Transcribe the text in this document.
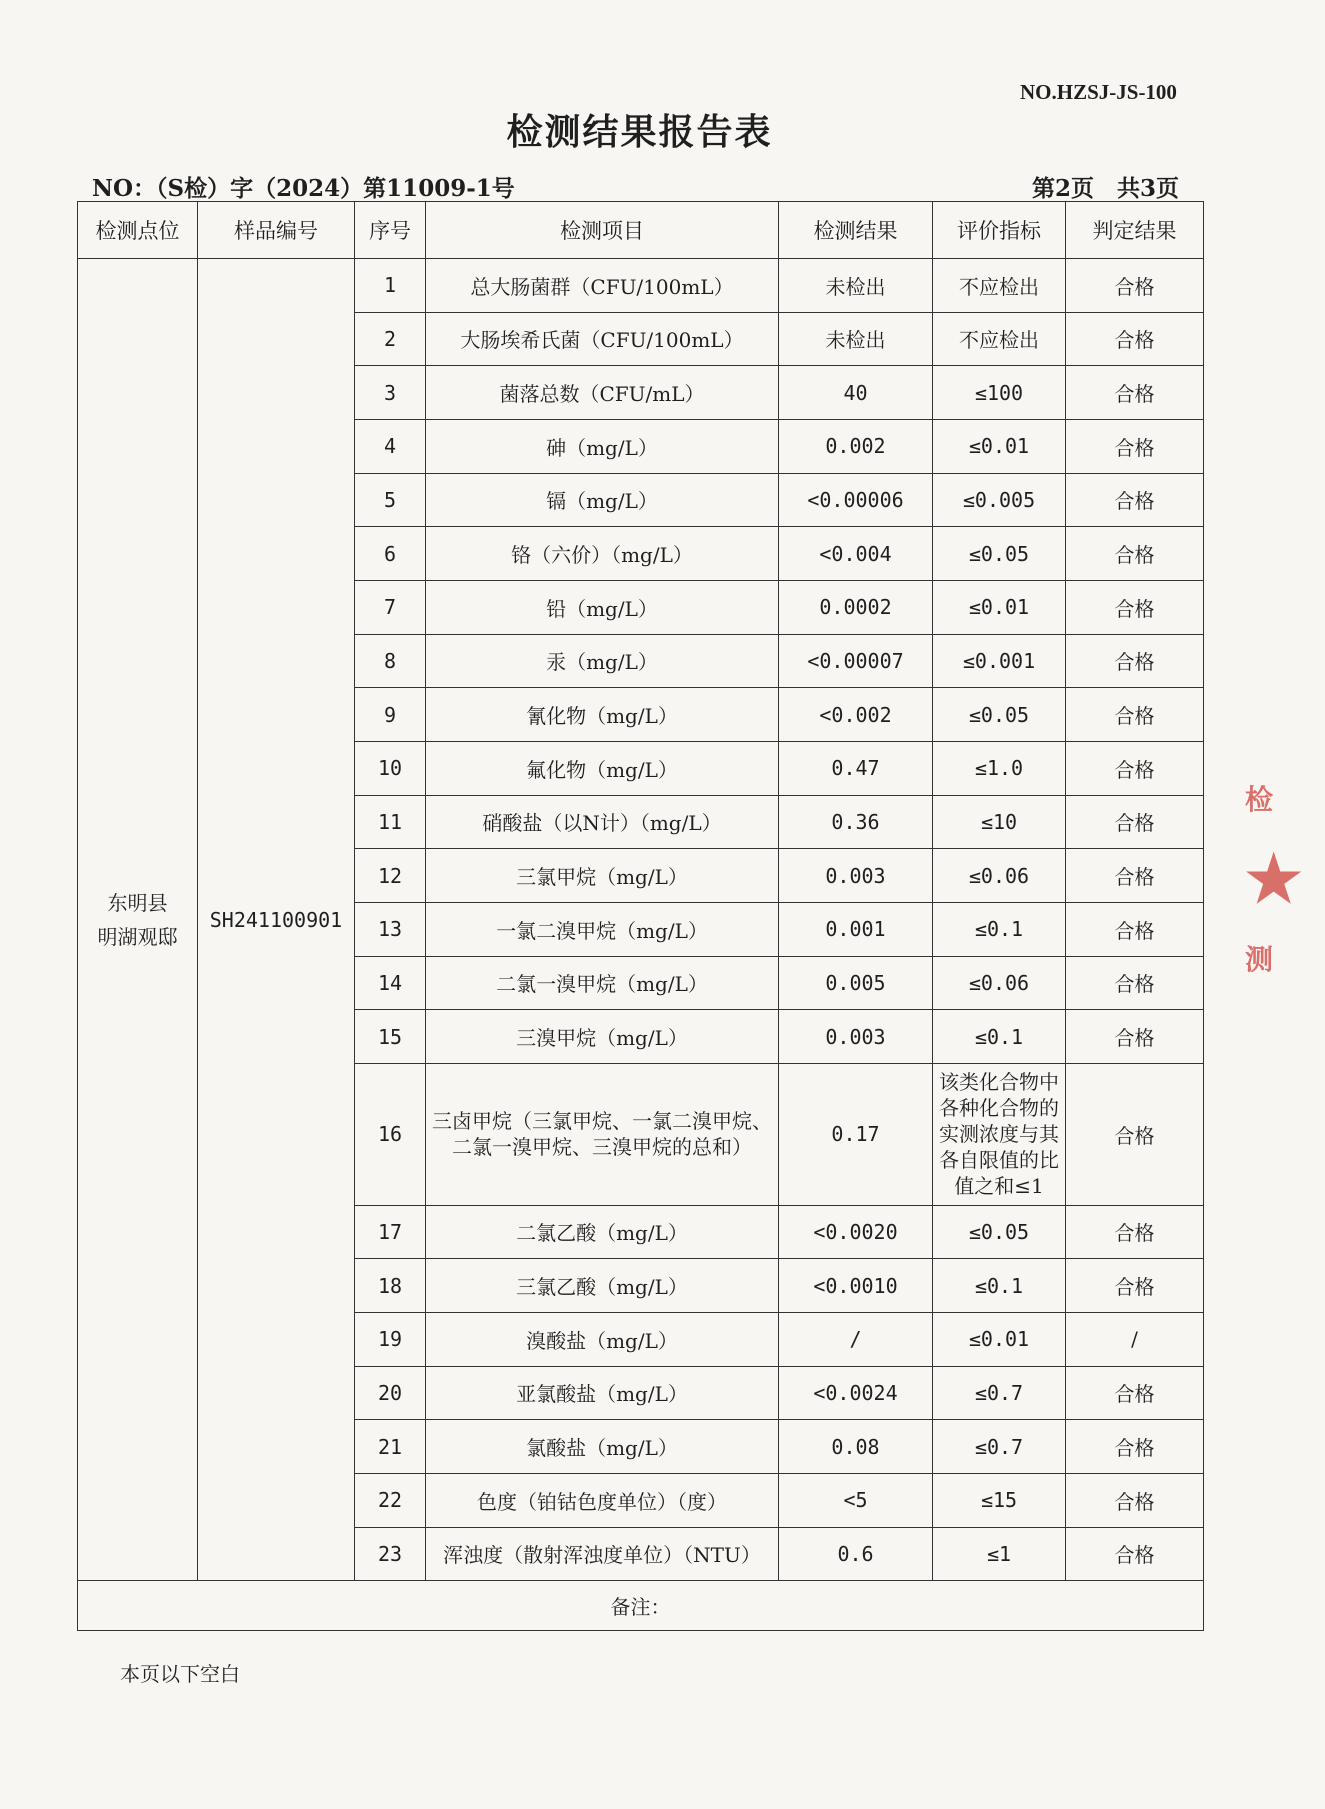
NO.HZSJ-JS-100
检测结果报告表
NO：（S检）字（2024）第11009-1号	第2页　共3页
检测点位	样品编号	序号	检测项目	检测结果	评价指标	判定结果
东明县
明湖观邸	SH241100901	1	总大肠菌群（CFU/100mL）	未检出	不应检出	合格
		2	大肠埃希氏菌（CFU/100mL）	未检出	不应检出	合格
		3	菌落总数（CFU/mL）	40	≤100	合格
		4	砷（mg/L）	0.002	≤0.01	合格
		5	镉（mg/L）	<0.00006	≤0.005	合格
		6	铬（六价）（mg/L）	<0.004	≤0.05	合格
		7	铅（mg/L）	0.0002	≤0.01	合格
		8	汞（mg/L）	<0.00007	≤0.001	合格
		9	氰化物（mg/L）	<0.002	≤0.05	合格
		10	氟化物（mg/L）	0.47	≤1.0	合格
		11	硝酸盐（以N计）（mg/L）	0.36	≤10	合格
		12	三氯甲烷（mg/L）	0.003	≤0.06	合格
		13	一氯二溴甲烷（mg/L）	0.001	≤0.1	合格
		14	二氯一溴甲烷（mg/L）	0.005	≤0.06	合格
		15	三溴甲烷（mg/L）	0.003	≤0.1	合格
		16	三卤甲烷（三氯甲烷、一氯二溴甲烷、二氯一溴甲烷、三溴甲烷的总和）	0.17	该类化合物中各种化合物的实测浓度与其各自限值的比值之和≤1	合格
		17	二氯乙酸（mg/L）	<0.0020	≤0.05	合格
		18	三氯乙酸（mg/L）	<0.0010	≤0.1	合格
		19	溴酸盐（mg/L）	/	≤0.01	/
		20	亚氯酸盐（mg/L）	<0.0024	≤0.7	合格
		21	氯酸盐（mg/L）	0.08	≤0.7	合格
		22	色度（铂钴色度单位）（度）	<5	≤15	合格
		23	浑浊度（散射浑浊度单位）（NTU）	0.6	≤1	合格
备注：						
本页以下空白
检
★
测
